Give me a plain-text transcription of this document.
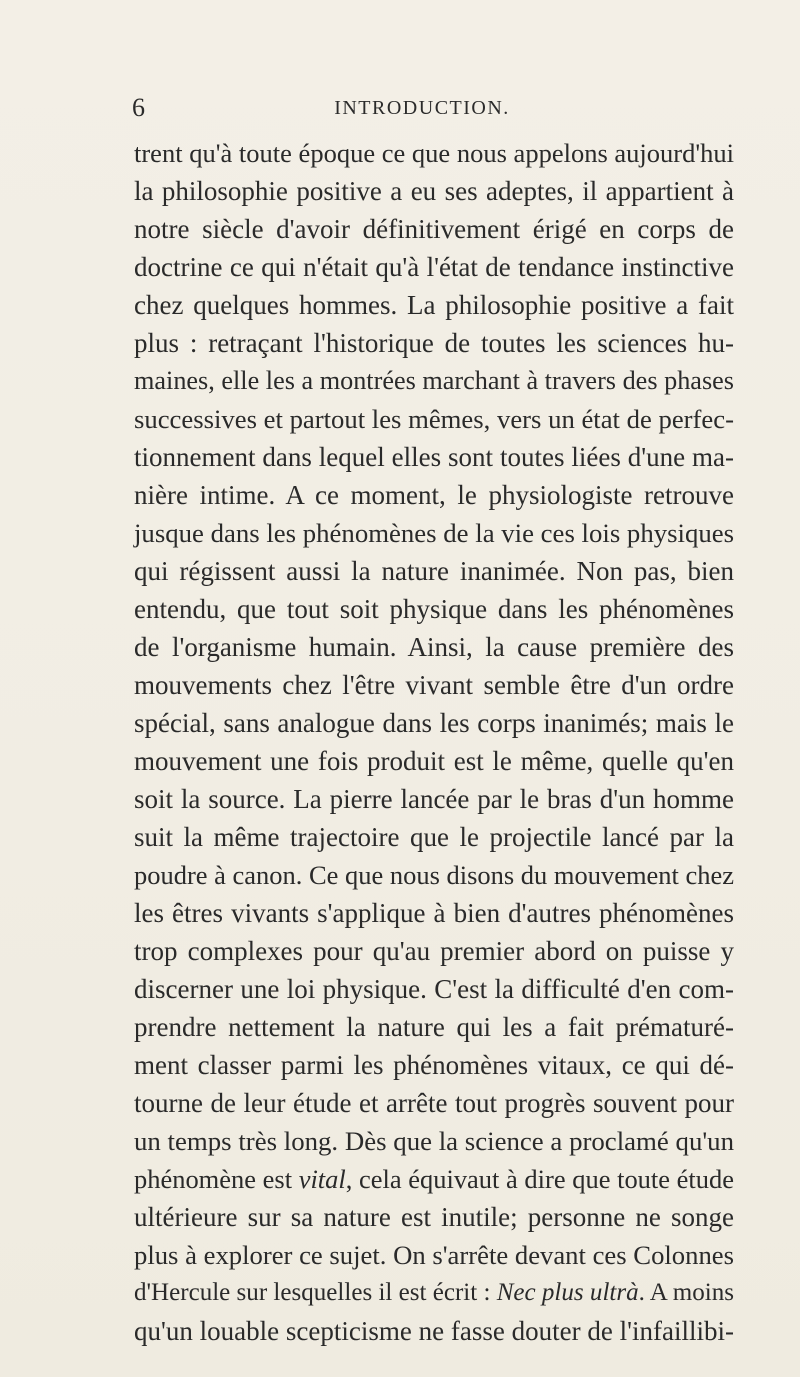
6	INTRODUCTION.
trent qu'à toute époque ce que nous appelons aujourd'hui
la philosophie positive a eu ses adeptes, il appartient à
notre siècle d'avoir définitivement érigé en corps de
doctrine ce qui n'était qu'à l'état de tendance instinctive
chez quelques hommes. La philosophie positive a fait
plus : retraçant l'historique de toutes les sciences hu-
maines, elle les a montrées marchant à travers des phases
successives et partout les mêmes, vers un état de perfec-
tionnement dans lequel elles sont toutes liées d'une ma-
nière intime. A ce moment, le physiologiste retrouve
jusque dans les phénomènes de la vie ces lois physiques
qui régissent aussi la nature inanimée. Non pas, bien
entendu, que tout soit physique dans les phénomènes
de l'organisme humain. Ainsi, la cause première des
mouvements chez l'être vivant semble être d'un ordre
spécial, sans analogue dans les corps inanimés; mais le
mouvement une fois produit est le même, quelle qu'en
soit la source. La pierre lancée par le bras d'un homme
suit la même trajectoire que le projectile lancé par la
poudre à canon. Ce que nous disons du mouvement chez
les êtres vivants s'applique à bien d'autres phénomènes
trop complexes pour qu'au premier abord on puisse y
discerner une loi physique. C'est la difficulté d'en com-
prendre nettement la nature qui les a fait prématuré-
ment classer parmi les phénomènes vitaux, ce qui dé-
tourne de leur étude et arrête tout progrès souvent pour
un temps très long. Dès que la science a proclamé qu'un
phénomène est vital, cela équivaut à dire que toute étude
ultérieure sur sa nature est inutile; personne ne songe
plus à explorer ce sujet. On s'arrête devant ces Colonnes
d'Hercule sur lesquelles il est écrit : Nec plus ultrà. A moins
qu'un louable scepticisme ne fasse douter de l'infaillibi-
